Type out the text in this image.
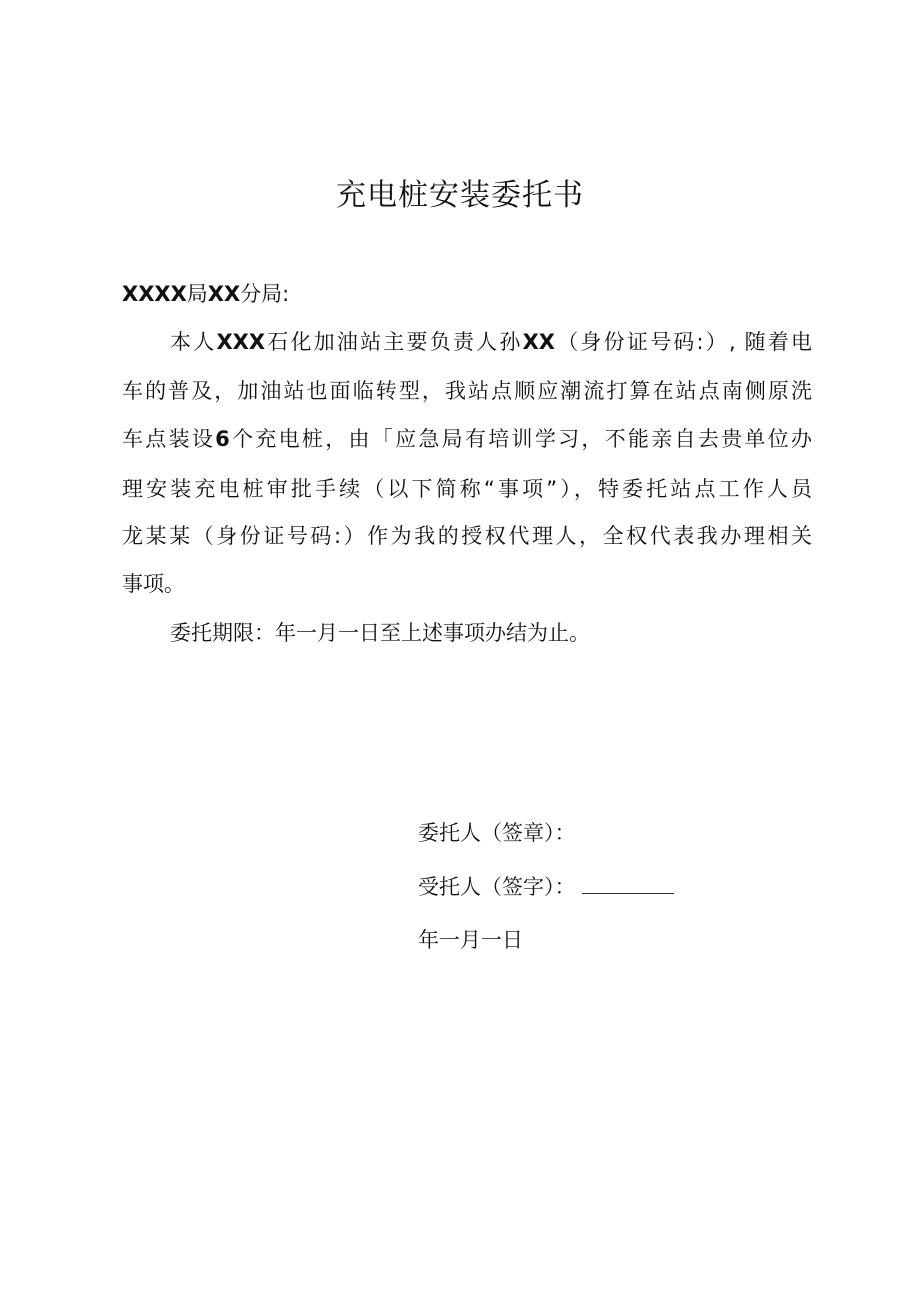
充电桩安装委托书
XXXX局XX分局:
本人XXX石化加油站主要负责人孙XX（身份证号码:）, 随着电
车的普及，加油站也面临转型，我站点顺应潮流打算在站点南侧原洗
车点装设6个充电桩，由「应急局有培训学习，不能亲自去贵单位办
理安装充电桩审批手续（以下简称“事项”），特委托站点工作人员
龙某某（身份证号码:）作为我的授权代理人，全权代表我办理相关
事项。
委托期限：年一月一日至上述事项办结为止。
委托人（签章）：
受托人（签字）：
年一月一日
